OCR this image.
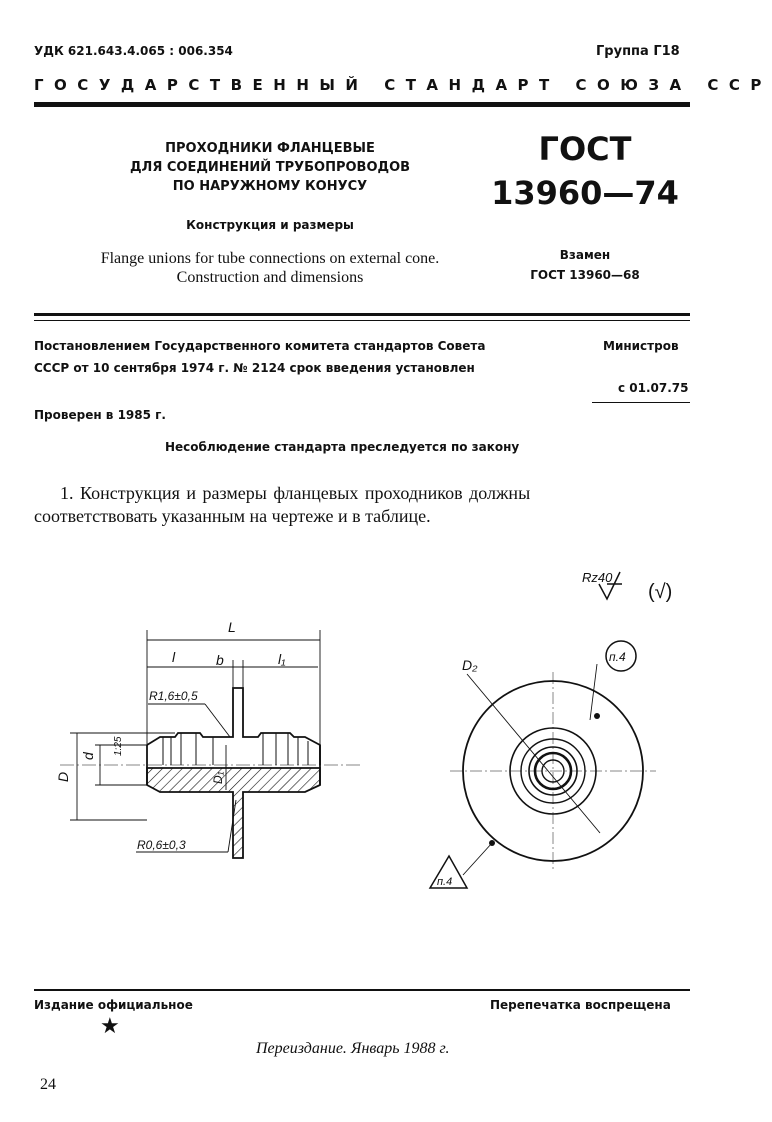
УДК 621.643.4.065 : 006.354	Группа Г18
ГОСУДАРСТВЕННЫЙ СТАНДАРТ СОЮЗА ССР
ПРОХОДНИКИ ФЛАНЦЕВЫЕ
ДЛЯ СОЕДИНЕНИЙ ТРУБОПРОВОДОВ
ПО НАРУЖНОМУ КОНУСУ
Конструкция и размеры
Flange unions for tube connections on external cone.
Construction and dimensions
ГОСТ
13960—74
Взамен
ГОСТ 13960—68
Постановлением Государственного комитета стандартов Совета	Министров
СССР от 10 сентября 1974 г. № 2124 срок введения установлен
с 01.07.75
Проверен в 1985 г.
Несоблюдение стандарта преследуется по закону
1. Конструкция и размеры фланцевых проходников должны
соответствовать указанным на чертеже и в таблице.
Rz40
(√)
L
l	b	l₁
R1,6±0,5
R0,6±0,3
D
d
1:25
D₁
D₂	п.4
п.4
Издание официальное	Перепечатка воспрещена
★
Переиздание. Январь 1988 г.
24
